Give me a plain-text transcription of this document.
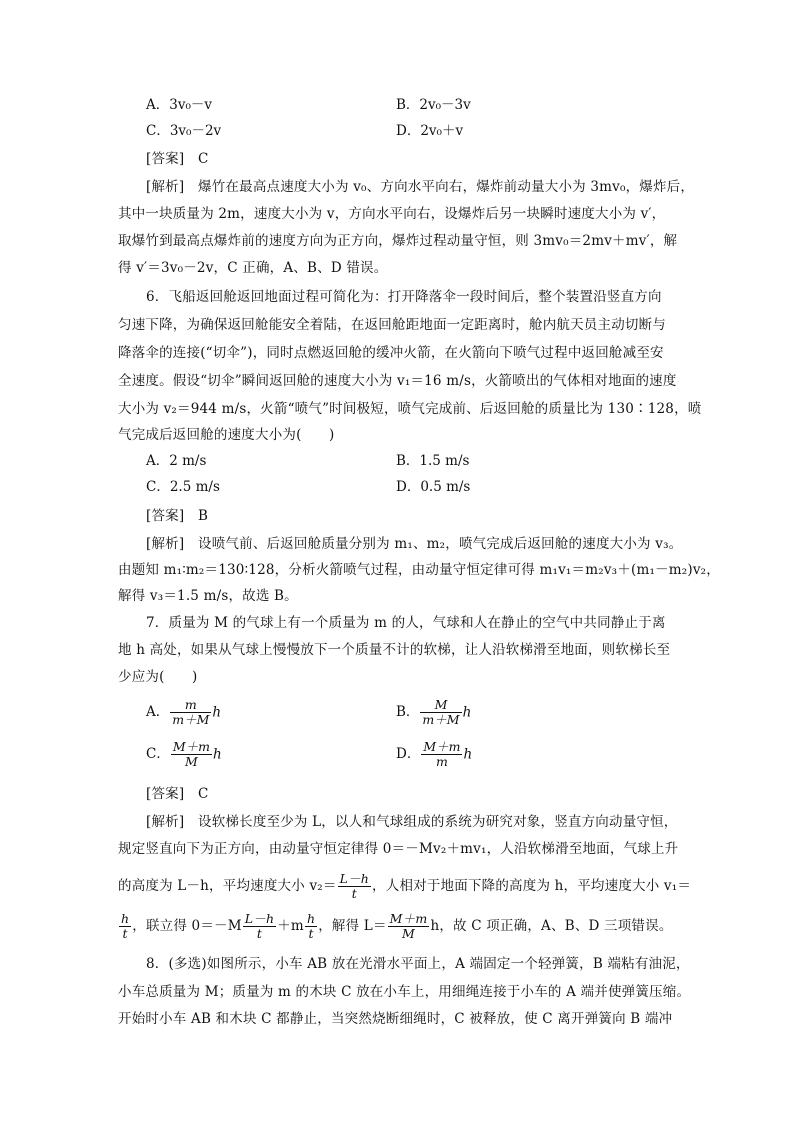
A．3v₀－v	B．2v₀－3v
C．3v₀－2v	D．2v₀＋v
[答案]　C
[解析]　爆竹在最高点速度大小为 v₀、方向水平向右，爆炸前动量大小为 3mv₀，爆炸后，
其中一块质量为 2m，速度大小为 v，方向水平向右，设爆炸后另一块瞬时速度大小为 v′，
取爆竹到最高点爆炸前的速度方向为正方向，爆炸过程动量守恒，则 3mv₀＝2mv＋mv′，解
得 v′＝3v₀－2v，C 正确，A、B、D 错误。
6．飞船返回舱返回地面过程可简化为：打开降落伞一段时间后，整个装置沿竖直方向
匀速下降，为确保返回舱能安全着陆，在返回舱距地面一定距离时，舱内航天员主动切断与
降落伞的连接(“切伞”)，同时点燃返回舱的缓冲火箭，在火箭向下喷气过程中返回舱减至安
全速度。假设“切伞”瞬间返回舱的速度大小为 v₁＝16 m/s，火箭喷出的气体相对地面的速度
大小为 v₂＝944 m/s，火箭“喷气”时间极短，喷气完成前、后返回舱的质量比为 130∶128，喷
气完成后返回舱的速度大小为(　　)
A．2 m/s	B．1.5 m/s
C．2.5 m/s	D．0.5 m/s
[答案]　B
[解析]　设喷气前、后返回舱质量分别为 m₁、m₂，喷气完成后返回舱的速度大小为 v₃。
由题知 m₁∶m₂＝130∶128，分析火箭喷气过程，由动量守恒定律可得 m₁v₁＝m₂v₃＋(m₁－m₂)v₂，
解得 v₃＝1.5 m/s，故选 B。
7．质量为 M 的气球上有一个质量为 m 的人，气球和人在静止的空气中共同静止于离
地 h 高处，如果从气球上慢慢放下一个质量不计的软梯，让人沿软梯滑至地面，则软梯长至
少应为(　　)
A． $\frac{m}{m+M}$ h	B． $\frac{M}{m+M}$ h
C． $\frac{M+m}{M}$ h	D． $\frac{M+m}{m}$ h
[答案]　C
[解析]　设软梯长度至少为 L，以人和气球组成的系统为研究对象，竖直方向动量守恒，
规定竖直向下为正方向，由动量守恒定律得 0＝－Mv₂＋mv₁，人沿软梯滑至地面，气球上升
的高度为 L－h，平均速度大小 $v_2= \frac{L-h}{t}$ ，人相对于地面下降的高度为 h，平均速度大小 v₁＝
$\frac{h}{t}$ ，联立得 $0=-M \frac{L-h}{t} +m \frac{h}{t}$ ，解得 $L= \frac{M+m}{M}$ h，故 C 项正确，A、B、D 三项错误。
8．(多选)如图所示，小车 AB 放在光滑水平面上，A 端固定一个轻弹簧，B 端粘有油泥，
小车总质量为 M；质量为 m 的木块 C 放在小车上，用细绳连接于小车的 A 端并使弹簧压缩。
开始时小车 AB 和木块 C 都静止，当突然烧断细绳时，C 被释放，使 C 离开弹簧向 B 端冲
